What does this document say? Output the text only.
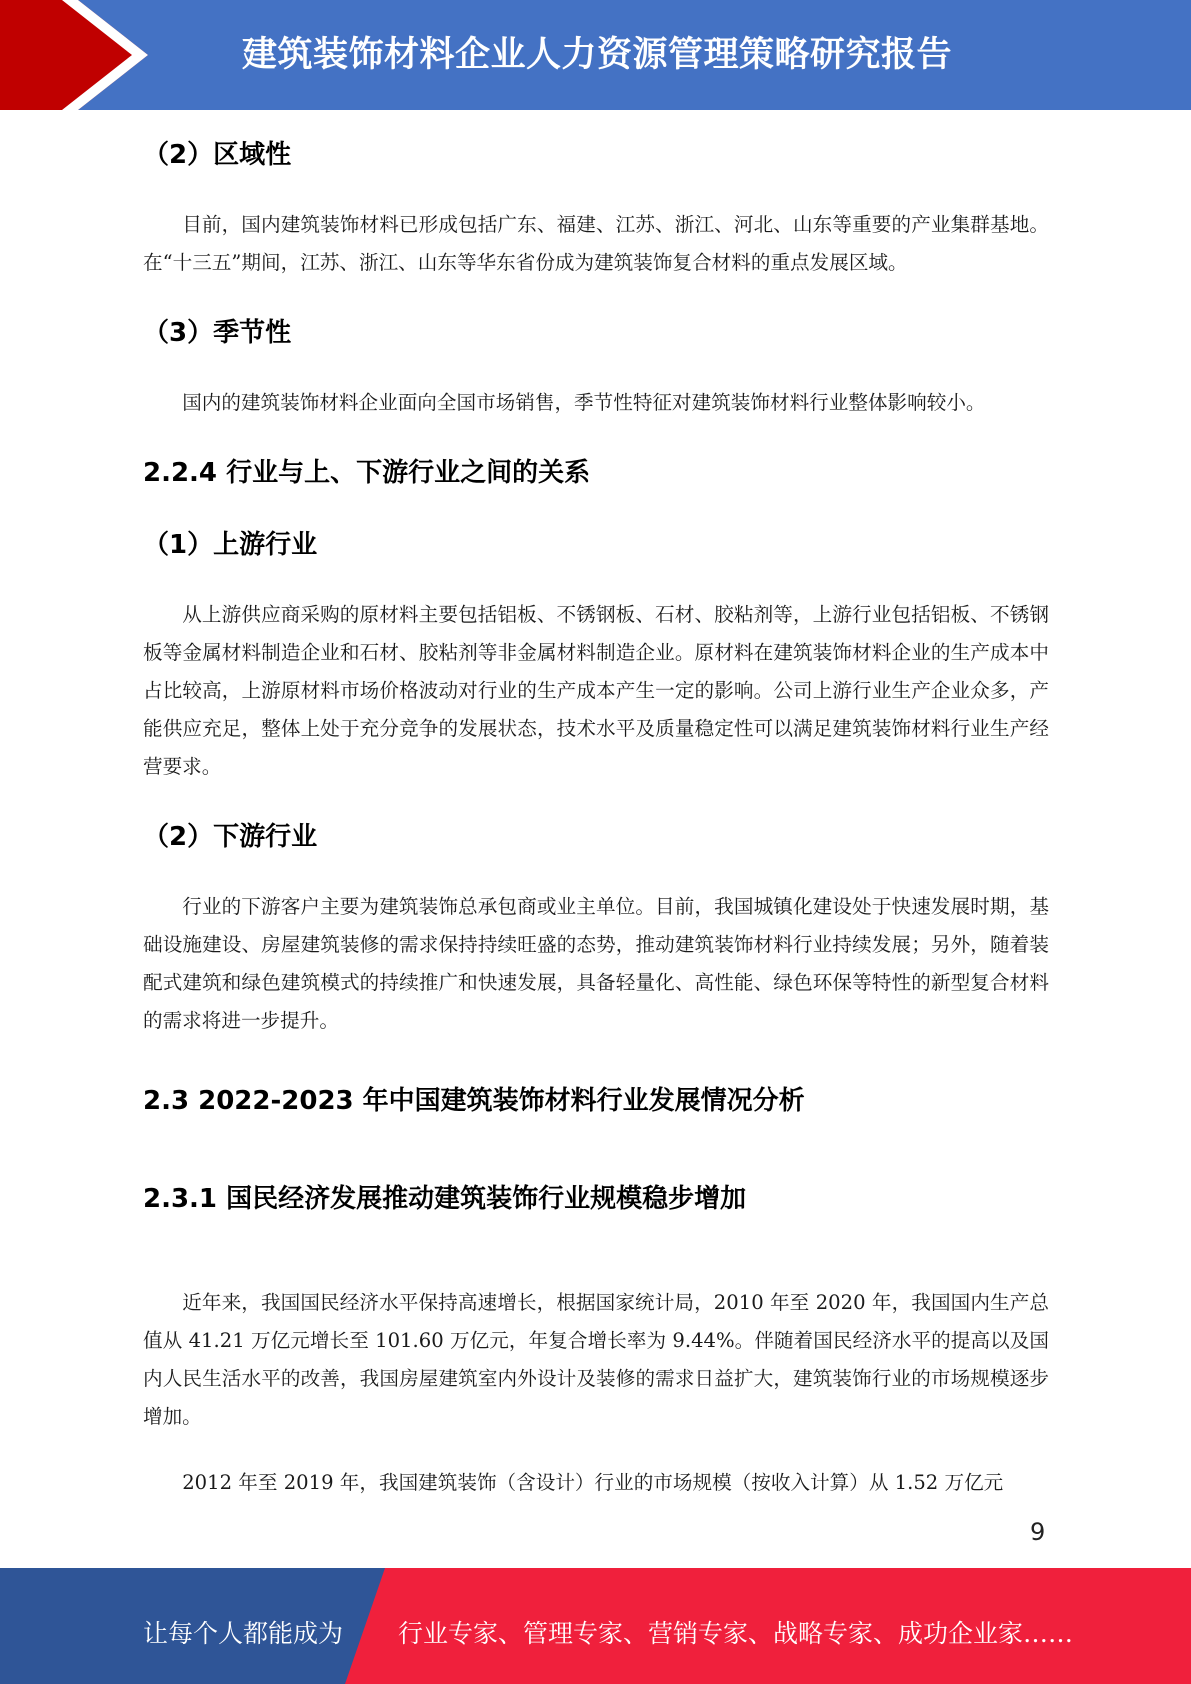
建筑装饰材料企业人力资源管理策略研究报告
（2）区域性
目前，国内建筑装饰材料已形成包括广东、福建、江苏、浙江、河北、山东等重要的产业集群基地。在“十三五”期间，江苏、浙江、山东等华东省份成为建筑装饰复合材料的重点发展区域。
（3）季节性
国内的建筑装饰材料企业面向全国市场销售，季节性特征对建筑装饰材料行业整体影响较小。
2.2.4 行业与上、下游行业之间的关系
（1）上游行业
从上游供应商采购的原材料主要包括铝板、不锈钢板、石材、胶粘剂等，上游行业包括铝板、不锈钢板等金属材料制造企业和石材、胶粘剂等非金属材料制造企业。原材料在建筑装饰材料企业的生产成本中占比较高，上游原材料市场价格波动对行业的生产成本产生一定的影响。公司上游行业生产企业众多，产能供应充足，整体上处于充分竞争的发展状态，技术水平及质量稳定性可以满足建筑装饰材料行业生产经营要求。
（2）下游行业
行业的下游客户主要为建筑装饰总承包商或业主单位。目前，我国城镇化建设处于快速发展时期，基础设施建设、房屋建筑装修的需求保持持续旺盛的态势，推动建筑装饰材料行业持续发展；另外，随着装配式建筑和绿色建筑模式的持续推广和快速发展，具备轻量化、高性能、绿色环保等特性的新型复合材料的需求将进一步提升。
2.3 2022-2023 年中国建筑装饰材料行业发展情况分析
2.3.1 国民经济发展推动建筑装饰行业规模稳步增加
近年来，我国国民经济水平保持高速增长，根据国家统计局，2010 年至 2020 年，我国国内生产总值从 41.21 万亿元增长至 101.60 万亿元，年复合增长率为 9.44%。伴随着国民经济水平的提高以及国内人民生活水平的改善，我国房屋建筑室内外设计及装修的需求日益扩大，建筑装饰行业的市场规模逐步增加。
2012 年至 2019 年，我国建筑装饰（含设计）行业的市场规模（按收入计算）从 1.52 万亿元
9
让每个人都能成为 行业专家、管理专家、营销专家、战略专家、成功企业家……
